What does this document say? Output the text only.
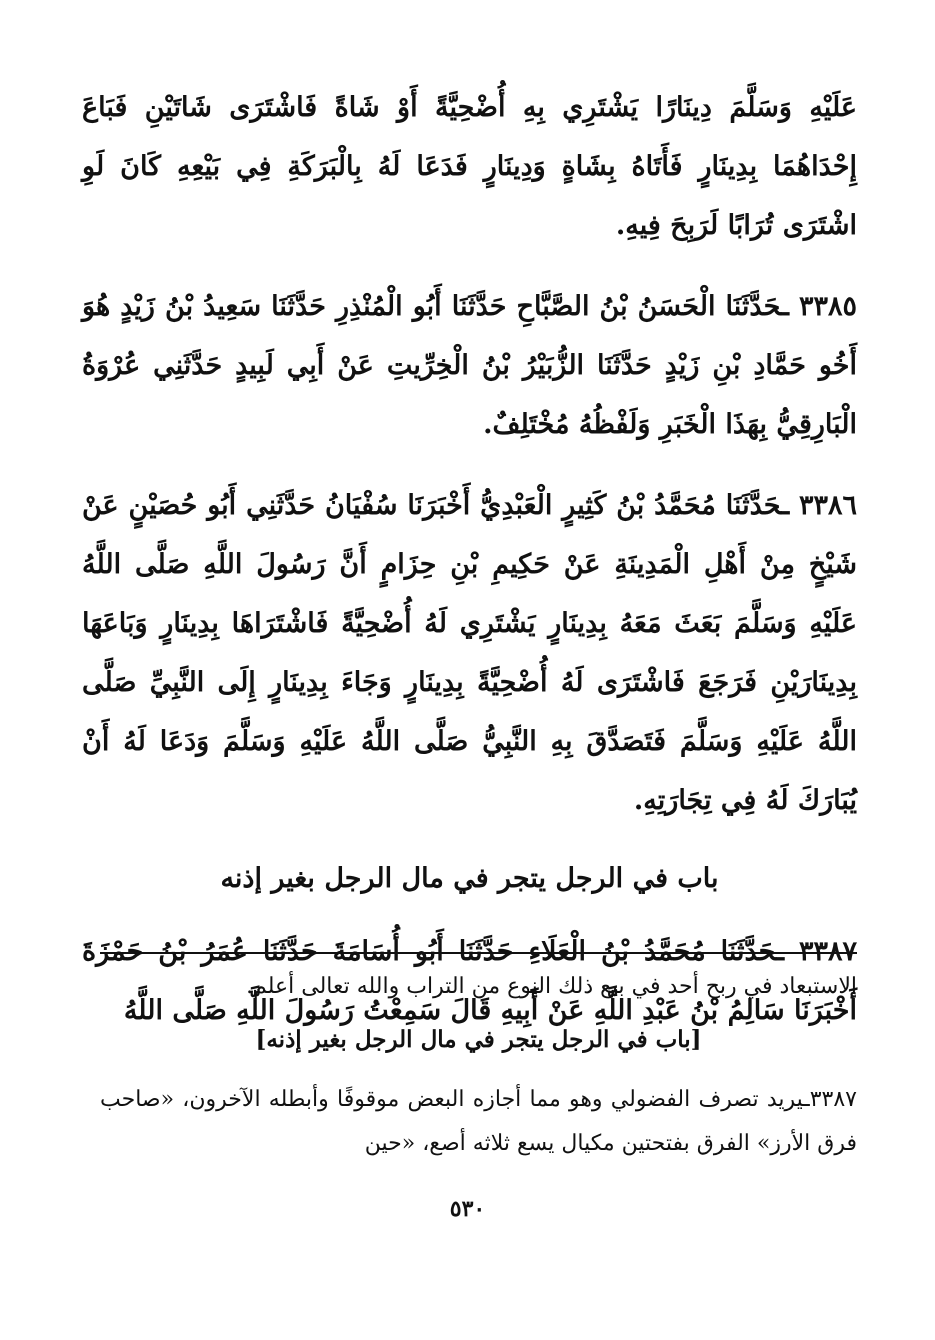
عَلَيْهِ وَسَلَّمَ دِينَارًا يَشْتَرِي بِهِ أُضْحِيَّةً أَوْ شَاةً فَاشْتَرَى شَاتَيْنِ فَبَاعَ إِحْدَاهُمَا بِدِينَارٍ فَأَتَاهُ بِشَاةٍ وَدِينَارٍ فَدَعَا لَهُ بِالْبَرَكَةِ فِي بَيْعِهِ كَانَ لَوِ اشْتَرَى تُرَابًا لَرَبِحَ فِيهِ.

٣٣٨٥ ـحَدَّثَنَا الْحَسَنُ بْنُ الصَّبَّاحِ حَدَّثَنَا أَبُو الْمُنْذِرِ حَدَّثَنَا سَعِيدُ بْنُ زَيْدٍ هُوَ أَخُو حَمَّادِ بْنِ زَيْدٍ حَدَّثَنَا الزُّبَيْرُ بْنُ الْخِرِّيتِ عَنْ أَبِي لَبِيدٍ حَدَّثَنِي عُرْوَةُ الْبَارِقِيُّ بِهَذَا الْخَبَرِ وَلَفْظُهُ مُخْتَلِفٌ.

٣٣٨٦ ـحَدَّثَنَا مُحَمَّدُ بْنُ كَثِيرٍ الْعَبْدِيُّ أَخْبَرَنَا سُفْيَانُ حَدَّثَنِي أَبُو حُصَيْنٍ عَنْ شَيْخٍ مِنْ أَهْلِ الْمَدِينَةِ عَنْ حَكِيمِ بْنِ حِزَامٍ أَنَّ رَسُولَ اللَّهِ صَلَّى اللَّهُ عَلَيْهِ وَسَلَّمَ بَعَثَ مَعَهُ بِدِينَارٍ يَشْتَرِي لَهُ أُضْحِيَّةً فَاشْتَرَاهَا بِدِينَارٍ وَبَاعَهَا بِدِينَارَيْنِ فَرَجَعَ فَاشْتَرَى لَهُ أُضْحِيَّةً بِدِينَارٍ وَجَاءَ بِدِينَارٍ إِلَى النَّبِيِّ صَلَّى اللَّهُ عَلَيْهِ وَسَلَّمَ فَتَصَدَّقَ بِهِ النَّبِيُّ صَلَّى اللَّهُ عَلَيْهِ وَسَلَّمَ وَدَعَا لَهُ أَنْ يُبَارَكَ لَهُ فِي تِجَارَتِهِ.

باب في الرجل يتجر في مال الرجل بغير إذنه

٣٣٨٧ ـحَدَّثَنَا مُحَمَّدُ بْنُ الْعَلَاءِ حَدَّثَنَا أَبُو أُسَامَةَ حَدَّثَنَا عُمَرُ بْنُ حَمْزَةَ أَخْبَرَنَا سَالِمُ بْنُ عَبْدِ اللَّهِ عَنْ أَبِيهِ قَالَ سَمِعْتُ رَسُولَ اللَّهِ صَلَّى اللَّهُ

الاستبعاد في ربح أحد في بيع ذلك النوع من التراب والله تعالى أعلم.

[باب في الرجل يتجر في مال الرجل بغير إذنه]

٣٣٨٧ـيريد تصرف الفضولي وهو مما أجازه البعض موقوفًا وأبطله الآخرون، «صاحب فرق الأرز» الفرق بفتحتين مكيال يسع ثلاثه أصع، «حين

٥٣٠
